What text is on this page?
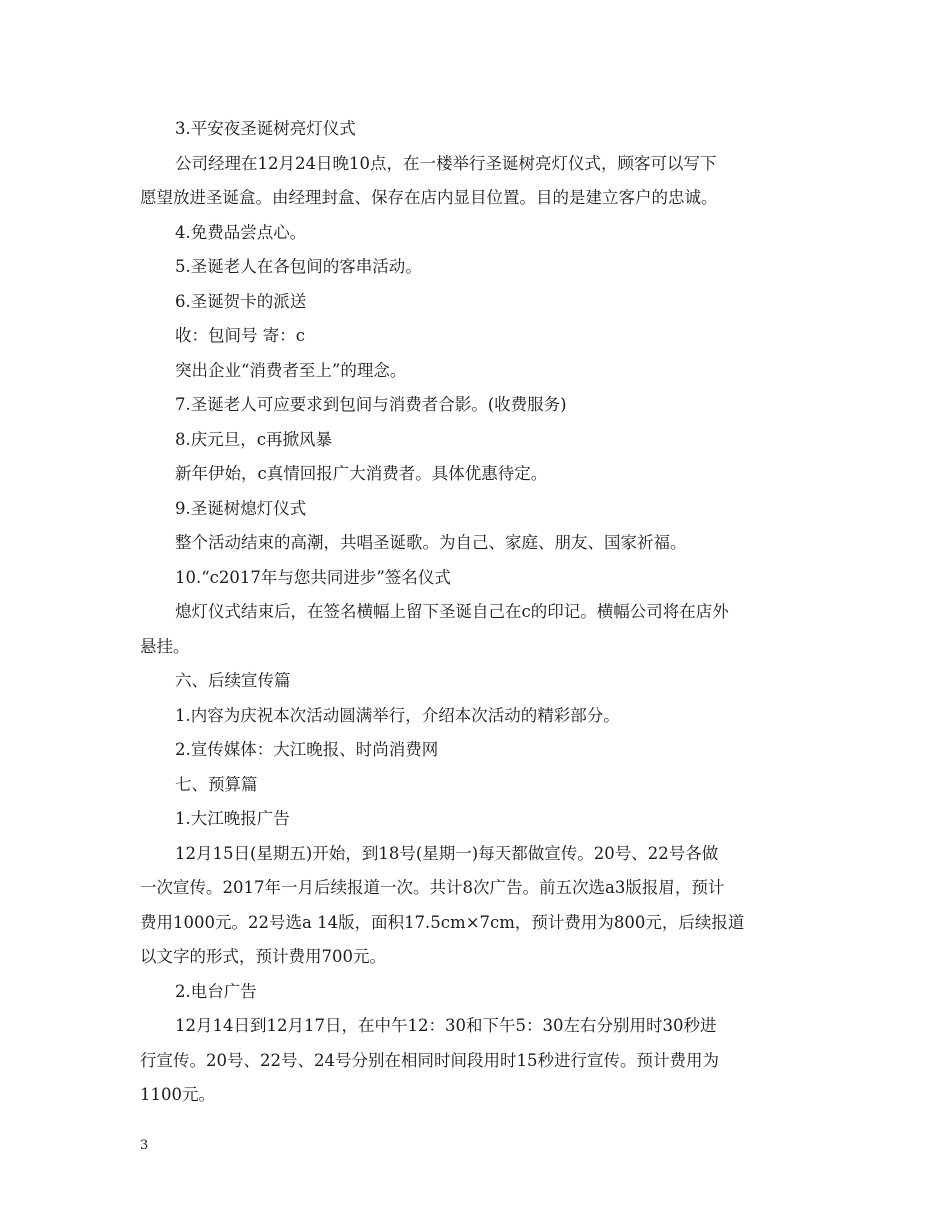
3.平安夜圣诞树亮灯仪式
公司经理在12月24日晚10点，在一楼举行圣诞树亮灯仪式，顾客可以写下
愿望放进圣诞盒。由经理封盒、保存在店内显目位置。目的是建立客户的忠诚。
4.免费品尝点心。
5.圣诞老人在各包间的客串活动。
6.圣诞贺卡的派送
收：包间号 寄：c
突出企业“消费者至上”的理念。
7.圣诞老人可应要求到包间与消费者合影。(收费服务)
8.庆元旦，c再掀风暴
新年伊始，c真情回报广大消费者。具体优惠待定。
9.圣诞树熄灯仪式
整个活动结束的高潮，共唱圣诞歌。为自己、家庭、朋友、国家祈福。
10.“c2017年与您共同进步”签名仪式
熄灯仪式结束后，在签名横幅上留下圣诞自己在c的印记。横幅公司将在店外
悬挂。
六、后续宣传篇
1.内容为庆祝本次活动圆满举行，介绍本次活动的精彩部分。
2.宣传媒体：大江晚报、时尚消费网
七、预算篇
1.大江晚报广告
12月15日(星期五)开始，到18号(星期一)每天都做宣传。20号、22号各做
一次宣传。2017年一月后续报道一次。共计8次广告。前五次选a3版报眉，预计
费用1000元。22号选a 14版，面积17.5cm×7cm，预计费用为800元，后续报道
以文字的形式，预计费用700元。
2.电台广告
12月14日到12月17日，在中午12：30和下午5：30左右分别用时30秒进
行宣传。20号、22号、24号分别在相同时间段用时15秒进行宣传。预计费用为
1100元。
3
